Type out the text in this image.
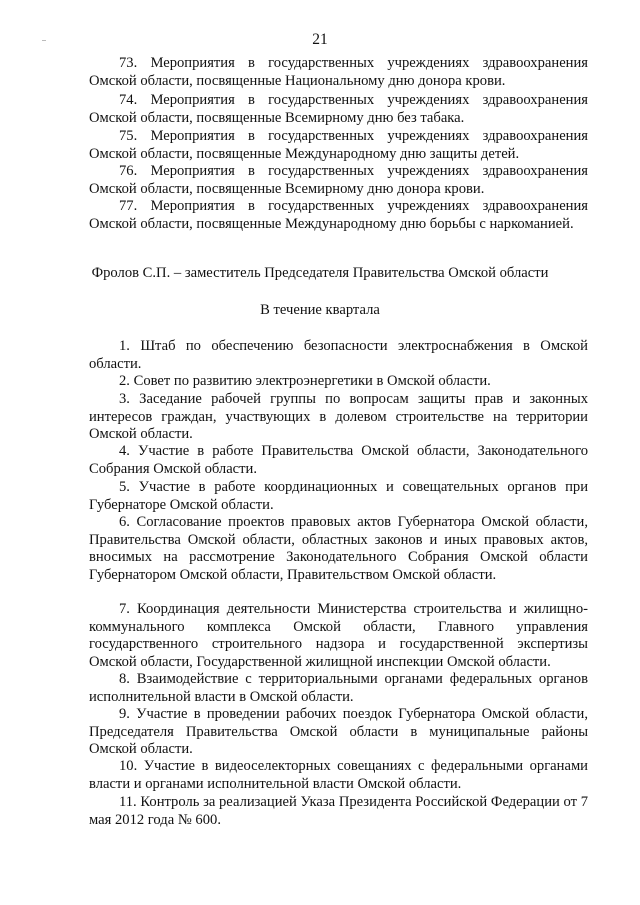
21

73. Мероприятия в государственных учреждениях здравоохранения Омской области, посвященные Национальному дню донора крови.

74. Мероприятия в государственных учреждениях здравоохранения Омской области, посвященные Всемирному дню без табака.

75. Мероприятия в государственных учреждениях здравоохранения Омской области, посвященные Международному дню защиты детей.

76. Мероприятия в государственных учреждениях здравоохранения Омской области, посвященные Всемирному дню донора крови.

77. Мероприятия в государственных учреждениях здравоохранения Омской области, посвященные Международному дню борьбы с наркоманией.

Фролов С.П. – заместитель Председателя Правительства Омской области
В течение квартала

1. Штаб по обеспечению безопасности электроснабжения в Омской области.

2. Совет по развитию электроэнергетики в Омской области.

3. Заседание рабочей группы по вопросам защиты прав и законных интересов граждан, участвующих в долевом строительстве на территории Омской области.

4. Участие в работе Правительства Омской области, Законодательного Собрания Омской области.

5. Участие в работе координационных и совещательных органов при Губернаторе Омской области.

6. Согласование проектов правовых актов Губернатора Омской области, Правительства Омской области, областных законов и иных правовых актов, вносимых на рассмотрение Законодательного Собрания Омской области Губернатором Омской области, Правительством Омской области.

7. Координация деятельности Министерства строительства и жилищно-коммунального комплекса Омской области, Главного управления государственного строительного надзора и государственной экспертизы Омской области, Государственной жилищной инспекции Омской области.

8. Взаимодействие с территориальными органами федеральных органов исполнительной власти в Омской области.

9. Участие в проведении рабочих поездок Губернатора Омской области, Председателя Правительства Омской области в муниципальные районы Омской области.

10. Участие в видеоселекторных совещаниях с федеральными органами власти и органами исполнительной власти Омской области.

11. Контроль за реализацией Указа Президента Российской Федерации от 7 мая 2012 года № 600.
